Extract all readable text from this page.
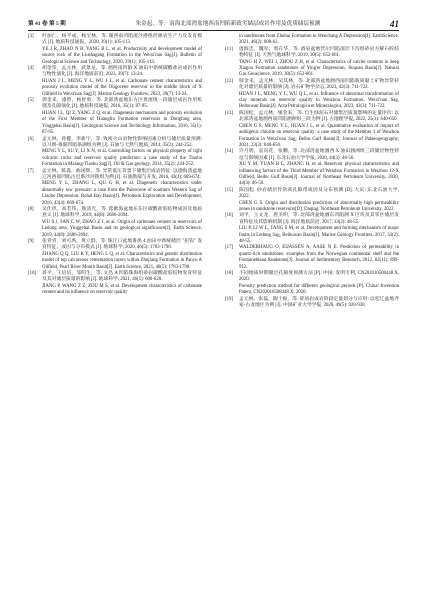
第 41 卷 第 5 期	朱金起，等：南海北部湾盆地西南凹陷新致劣储层成岩作用及优质储层预测	41
[3]	叶加仁，杨平成，杨宝林，等. 湖西南凹陷流沙港组烃源岩生产力及发育模式 [J]. 地质科技通报，2020, 39(1): 105-113.
YE J R, ZHAO N B, YANG B L, et al. Productivity and development model of source rock of the Liushagang Formation in the Weixi'nan Sag[J]. Bulletin of Geological Science and Technology, 2020, 39(1): 105-113.
[4]	胡金荣，孟元林，武景龙，等. 涠西南凹陷 X 油田中新统碳酸盐岩成岩作用与物性演化 [J]. 海洋地质前沿, 2023, 39(7): 13-24.
HUAN J L, MENG Y L, WU J L, et al. Carbonate cement characteristics and porosity evolution model of the Oligocene reservoir in the middle block of X Oilfield in Weixi'nan Sag[J]. Marine Geology Frontiers, 2023, 39(7): 13-24.
[5]	郭金来，漆智，杨智勇，等. 北部湾盆地东方区黄流组一段储层成岩作用机理及孔隙演化 [J]. 地质科技通报, 2016, 35(1): 87-95.
HUAN J L, QI Z, YANG Z Q, et al. Diagenesis mechanism and porosity evolution of the First Member of Huangliu Formation reservoirs in Dongfang area, Yinggehai Basin[J]. Geological Science and Technology Information, 2016, 35(1): 87-95.
[6]	孟元林，孙健，李新宇，等. 致密火山岩物性影响因素分析与储层质量预测: 以马朗-条湖凹陷条湖组为例 [J]. 石油与天然气地质, 2014, 35(2): 244-252.
MENG Y L, SU Y, LI X N, et al. Controlling factors on physical property of tight volcanic rocks and reservoir quality prediction: a case study of the Tiaohu Formation in Malang-Tiaohu Sag[J]. Oil & Gas geology, 2014, 35(2): 244-252.
[7]	孟元林，陈淼，曲国辉，等. 异常低压背景下储集层成岩特征: 以渤海湾盆地辽河西部凹陷古近系沙河街组为例 [J]. 石油勘探与开发, 2016, 43(4): 669-674.
MENG Y L, ZHANG L, QU G H, et al. Diagenetic characteristics under abnormally low pressure: a case from the Paleocene of southern Western Sag of Liaohe Depression, Bohai Bay Basin[J]. Petroleum Exploration and Development, 2016, 43(4): 669-674.
[8]	吴仕玖，高若伟，熊清光，等. 莺歌海盆地乐东区碳酸盐胶结物成因及地质意义 [J]. 地球科学, 2019, 44(8): 2686-2694.
WU S J, FAN C W, ZHAO Z J, et al. Origin of carbonate cement in reservoirs of Ledong area, Yinggehai Basin and its geological significance[J]. Earth Science, 2019, 44(8): 2686-2694.
[9]	张青青，刘可禹，黄立群，等. 珠江口盆地番禺 4 油田中新统储层 "扭钩" 发育特征、成因与分布模式 [J]. 地球科学, 2020, 46(5): 1783-1796.
ZHANG Q Q, LIU K Y, HENG L Q, et al. Characteristics and genetic distribution model of top calcareous cementation layers within Zhujiang Formation in Panyu A Oilfield, Pearl River Mouth Basin[J]. Earth Science, 2021, 46(5): 1783-1796.
[10]	蒋平，王培培，邹明生，等. 文昌 A 凹陷珠海组砂岩碳酸盐胶结物发育特征及其对储层质量的影响 [J]. 地球科学, 2021, 46(5): 600-620.
JIANG P, WANG Z Z, ZOU M S, et al. Development characteristics of carbonate cement and its influence on reservoir quality
in sandstones from Zhuhai Formation in Wenchang A Depression[J]. EarthScience, 2021, 46(2): 600-62.
[11]	唐海忠，魏军，周在华，等. 酒泉盆地营尔凹陷深层下沟组砂岩方解石胶结物特征 [J]. 天然气地球科学, 2019, 30(5): 652-661.
TANG H Z, WEI J, ZHOU Z H, et al. Characteristics of calcite cements in deep Xiagou Formation sandstones of Ying'er Depression, Jiuquan Basin[J]. Natural Gas Geoscience, 2019, 30(5): 652-661.
[12]	郇金来，孟元林，吴其林，等. 北部湾盆地涠西南凹陷新间黏土矿物异常转化对储层质量的影响 [J]. 岩石矿物学杂志, 2023, 42(3): 711-722.
HUAN J L, MENG Y L, WU Q L, et al. Influence of abnormal transformation of clay minerals on reservoir quality in Weizhou Formation, Weixi'nan Sag, Beibuwan Basin[J]. Acta Petrologica et Mineralogica, 2023, 42(3): 711-722.
[13]	陈国松，孟元林，郇金来，等. 自生绿泥石对储集层质量影响的定量评价: 以北部湾盆地涠西南凹陷涠洲组三段为例 [J]. 古地理学报, 2022, 25(3): 640-650.
CHEN G S, MENG Y L, HUAN J L, et al. Quantitative evaluation of impact of authigenic chlorite on reservoir quality: a case study of the Member 3 of Weizhou Formation in Weixi'nan Sag, Beibu Gulf Basin[J]. Journal of Palaeogeography, 2021, 23(3): 640-650.
[14]	许月明，袁向花，张鹏，等. 北部湾盆地涠西 X 油田涠洲组三段储层物性特征与影响因素 [J]. 东北石油大学学报, 2020, 44(3): 46-56.
XU Y M, YUAN B L, ZHANG H, et al. Reservoir physical characteristics and influencing factors of the Third Member of Weizhou Formation in Weizhou 12-X Oilfield, Beibu Gulf Basin[J]. Journal of Northeast Petroleum University, 2020, 44(3): 46-56.
[15]	陈国松. 砂岩储层异常高孔隙带成因及分布预测 [D]. 大庆: 东北石油大学, 2022.
CHEN G S. Origin and distribution prediction of abnormally high permeability zones in sandstone reservoirs[D]. Daqing: Northeast Petroleum University, 2022.
[16]	刘平，王文龙，唐圣明，等. 北部湾盆地涠东凹陷涠 X 区块及其邻区储层发育特征及其影响机制 [J]. 海洋地质前沿, 2017, 33(2): 48-55.
LIU P, LI W L, TANG S M, et al. Development and forming mechanism of major faults in Ledong Sag, Beibuwan Basin[J]. Marine Geology Frontiers, 2017, 33(2): 48-55.
[17]	WALDERHAUG O, EIJASSEN A, AASE N E. Prediction of permeability in quartz-rich sandstones: examples from the Norwegian continental shelf and the Fontainebleau Sandstone[J]. Journal of Sedimentary Research, 2012, 82(11): 899-912.
[18]	不同地质时期储层孔隙度预测方法 [P]. 中国: 发明专利, CN202010508448.X, 2020.
Porosity prediction method for different geological periods [P]. China: Invention Patent, CN202010508448.X, 2020.
[19]	孟元林，张磊，陶士振，等. 碎屑岩成岩阶段定量划分与应用: 以松辽盆地齐家-古龙地区为例 [J]. 中国矿业大学学报, 2020, 49(5): 920-930.
